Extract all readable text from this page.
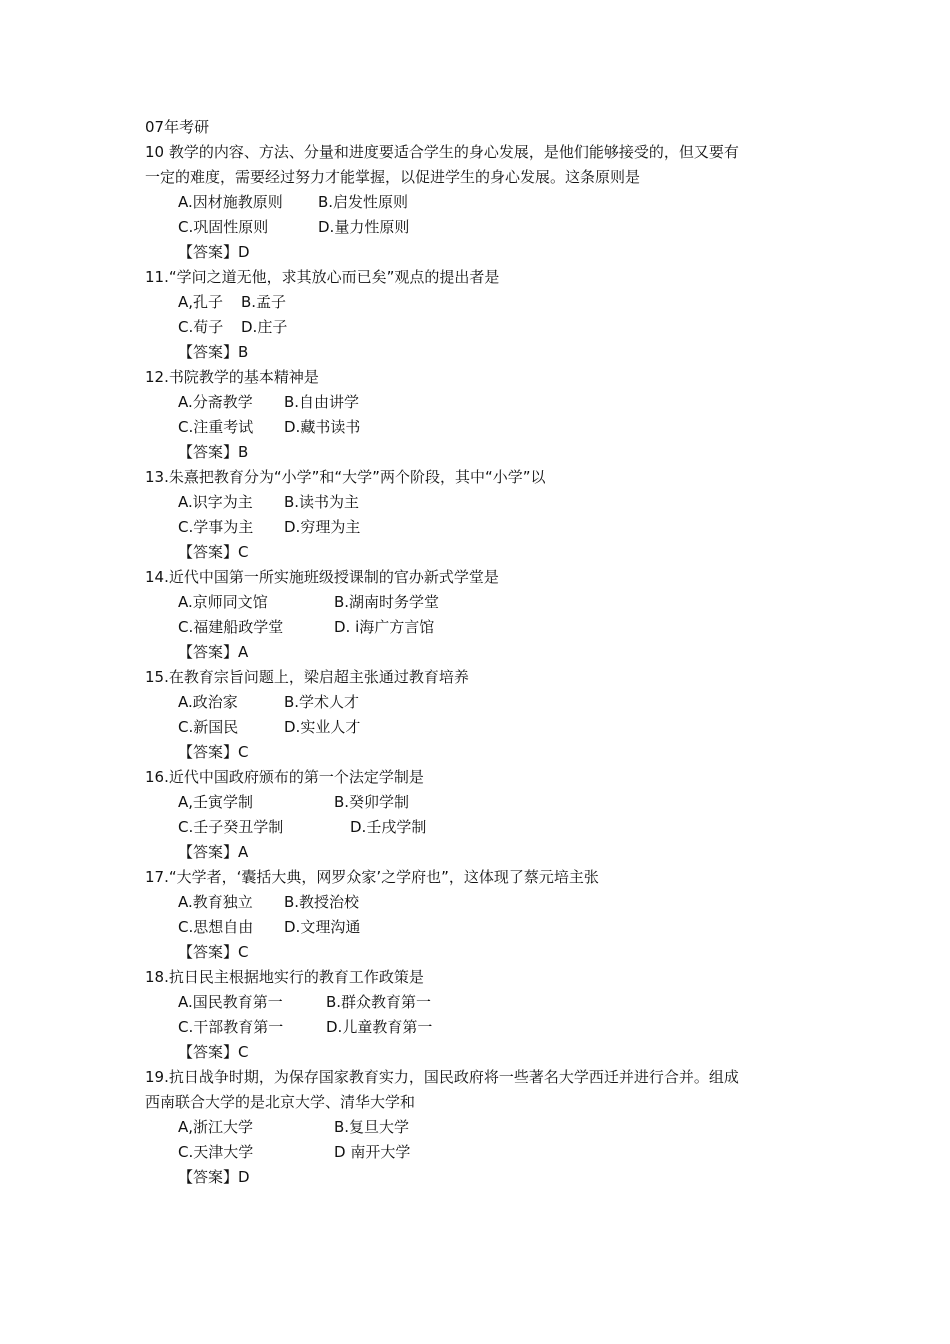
07年考研
10 教学的内容、方法、分量和进度要适合学生的身心发展，是他们能够接受的，但又要有
一定的难度，需要经过努力才能掌握，以促进学生的身心发展。这条原则是
A.因材施教原则 B.启发性原则
C.巩固性原则	D.量力性原则
【答案】D
11.“学问之道无他，求其放心而已矣”观点的提出者是
A,孔子 B.孟子
C.荀子 D.庄子
【答案】B
12.书院教学的基本精神是
A.分斋教学 B.自由讲学
C.注重考试 D.藏书读书
【答案】B
13.朱熹把教育分为“小学”和“大学”两个阶段，其中“小学”以
A.识字为主 B.读书为主
C.学事为主 D.穷理为主
【答案】C
14.近代中国第一所实施班级授课制的官办新式学堂是
A.京师同文馆	B.湖南时务学堂
C.福建船政学堂	D. ⅰ海广方言馆
【答案】A
15.在教育宗旨问题上，梁启超主张通过教育培养
A.政治家	B.学术人才
C.新国民	D.实业人才
【答案】C
16.近代中国政府颁布的第一个法定学制是
A,壬寅学制	B.癸卯学制
C.壬子癸丑学制	D.壬戌学制
【答案】A
17.“大学者，‘囊括大典，网罗众家’之学府也”，这体现了蔡元培主张
A.教育独立 B.教授治校
C.思想自由 D.文理沟通
【答案】C
18.抗日民主根据地实行的教育工作政策是
A.国民教育第一	B.群众教育第一
C.干部教育第一	D.儿童教育第一
【答案】C
19.抗日战争时期，为保存国家教育实力，国民政府将一些著名大学西迁并进行合并。组成
西南联合大学的是北京大学、清华大学和
A,浙江大学	B.复旦大学
C.天津大学	D 南开大学
【答案】D
